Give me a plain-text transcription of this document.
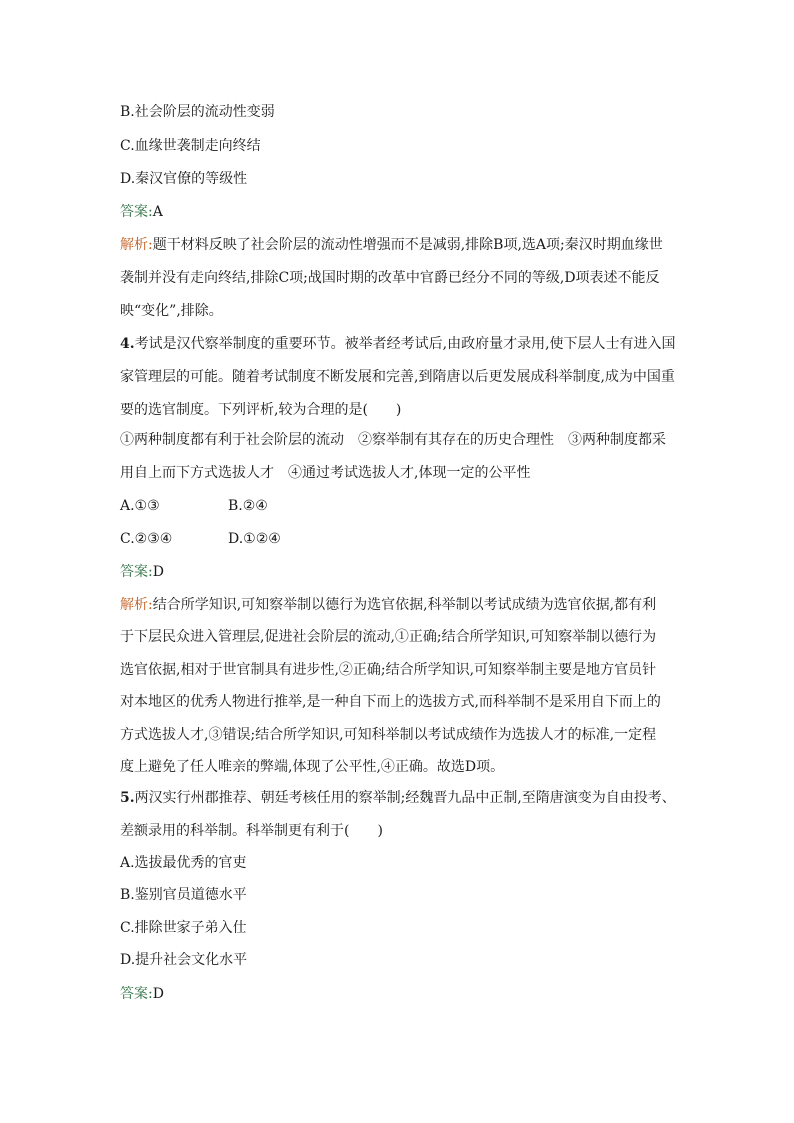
B.社会阶层的流动性变弱
C.血缘世袭制走向终结
D.秦汉官僚的等级性
答案:A
解析:题干材料反映了社会阶层的流动性增强而不是减弱,排除B项,选A项;秦汉时期血缘世
袭制并没有走向终结,排除C项;战国时期的改革中官爵已经分不同的等级,D项表述不能反
映“变化”,排除。
4.考试是汉代察举制度的重要环节。被举者经考试后,由政府量才录用,使下层人士有进入国
家管理层的可能。随着考试制度不断发展和完善,到隋唐以后更发展成科举制度,成为中国重
要的选官制度。下列评析,较为合理的是(　　)
①两种制度都有利于社会阶层的流动　②察举制有其存在的历史合理性　③两种制度都采
用自上而下方式选拔人才　④通过考试选拔人才,体现一定的公平性
A.①③	B.②④
C.②③④	D.①②④
答案:D
解析:结合所学知识,可知察举制以德行为选官依据,科举制以考试成绩为选官依据,都有利
于下层民众进入管理层,促进社会阶层的流动,①正确;结合所学知识,可知察举制以德行为
选官依据,相对于世官制具有进步性,②正确;结合所学知识,可知察举制主要是地方官员针
对本地区的优秀人物进行推举,是一种自下而上的选拔方式,而科举制不是采用自下而上的
方式选拔人才,③错误;结合所学知识,可知科举制以考试成绩作为选拔人才的标准,一定程
度上避免了任人唯亲的弊端,体现了公平性,④正确。故选D项。
5.两汉实行州郡推荐、朝廷考核任用的察举制;经魏晋九品中正制,至隋唐演变为自由投考、
差额录用的科举制。科举制更有利于(　　)
A.选拔最优秀的官吏
B.鉴别官员道德水平
C.排除世家子弟入仕
D.提升社会文化水平
答案:D
